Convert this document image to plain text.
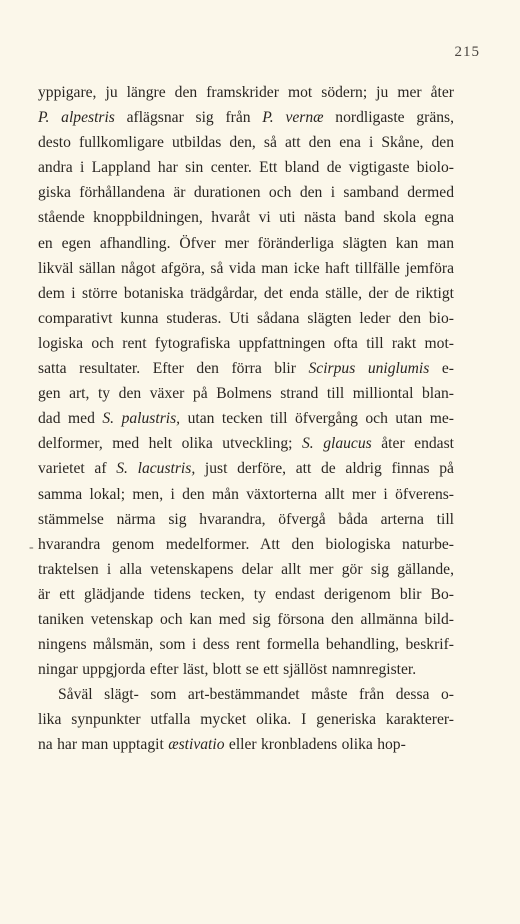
215
-
yppigare, ju längre den framskrider mot södern; ju mer åter
P. alpestris aflägsnar sig från P. vernæ nordligaste gräns,
desto fullkomligare utbildas den, så att den ena i Skåne, den
andra i Lappland har sin center. Ett bland de vigtigaste biolo-
giska förhållandena är durationen och den i samband dermed
stående knoppbildningen, hvaråt vi uti nästa band skola egna
en egen afhandling. Öfver mer föränderliga slägten kan man
likväl sällan något afgöra, så vida man icke haft tillfälle jemföra
dem i större botaniska trädgårdar, det enda ställe, der de riktigt
comparativt kunna studeras. Uti sådana slägten leder den bio-
logiska och rent fytografiska uppfattningen ofta till rakt mot-
satta resultater. Efter den förra blir Scirpus uniglumis e-
gen art, ty den växer på Bolmens strand till milliontal blan-
dad med S. palustris, utan tecken till öfvergång och utan me-
delformer, med helt olika utveckling; S. glaucus åter endast
varietet af S. lacustris, just derföre, att de aldrig finnas på
samma lokal; men, i den mån växtorterna allt mer i öfverens-
stämmelse närma sig hvarandra, öfvergå båda arterna till
hvarandra genom medelformer. Att den biologiska naturbe-
traktelsen i alla vetenskapens delar allt mer gör sig gällande,
är ett glädjande tidens tecken, ty endast derigenom blir Bo-
taniken vetenskap och kan med sig försona den allmänna bild-
ningens målsmän, som i dess rent formella behandling, beskrif-
ningar uppgjorda efter läst, blott se ett själlöst namnregister.
Såväl slägt- som art-bestämmandet måste från dessa o-
lika synpunkter utfalla mycket olika. I generiska karakterer-
na har man upptagit æstivatio eller kronbladens olika hop-
